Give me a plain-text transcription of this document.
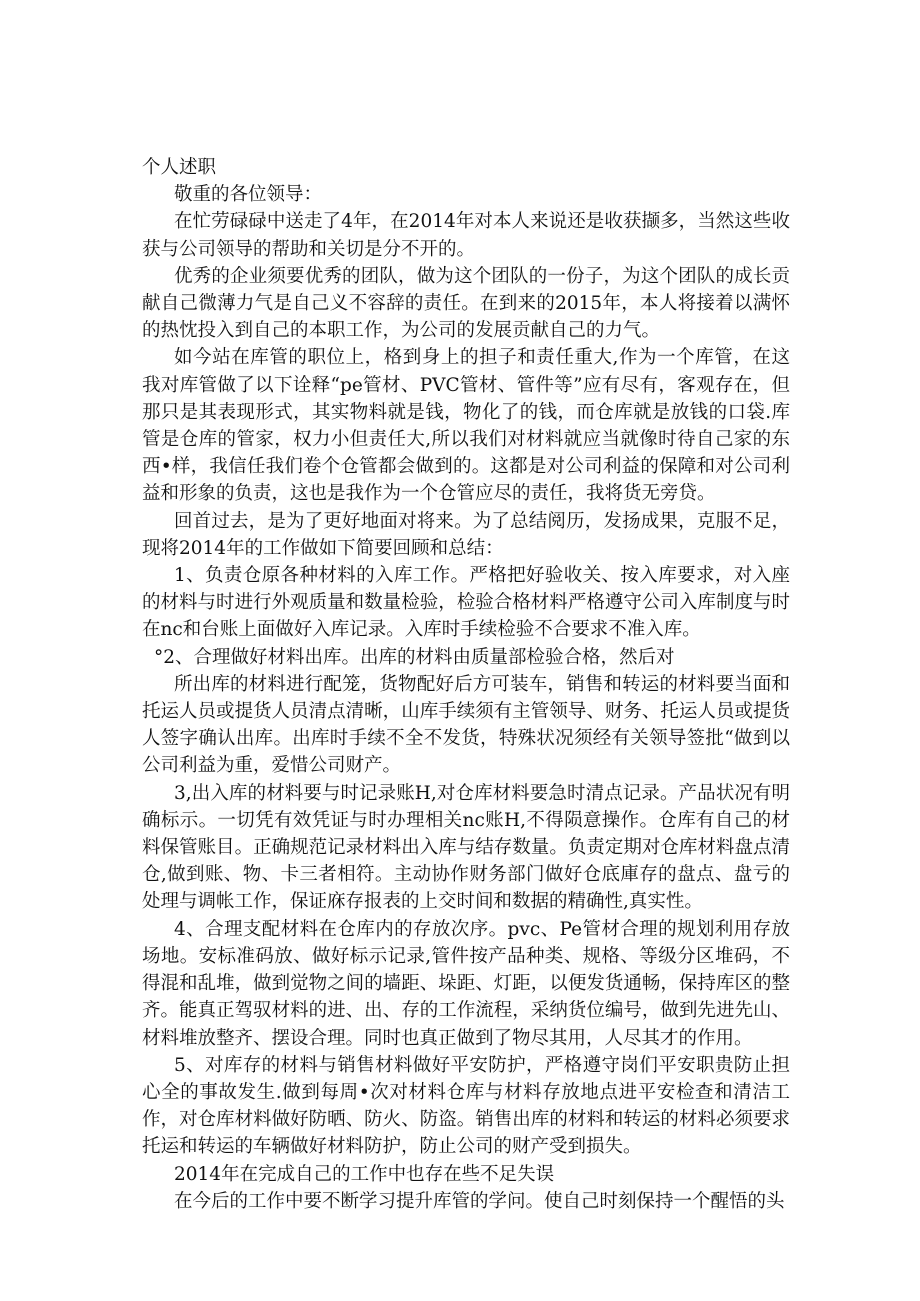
个人述职

敬重的各位领导：

在忙劳碌碌中送走了4年，在2014年对本人来说还是收获撷多，当然这些收获与公司领导的帮助和关切是分不开的。

优秀的企业须要优秀的团队，做为这个团队的一份子，为这个团队的成长贡献自己微薄力气是自己义不容辞的责任。在到来的2015年，本人将接着以满怀的热忱投入到自己的本职工作，为公司的发展贡献自己的力气。

如今站在库管的职位上，格到身上的担子和责任重大,作为一个库管，在这我对库管做了以下诠释“pe管材、PVC管材、管件等”应有尽有，客观存在，但那只是其表现形式，其实物料就是钱，物化了的钱，而仓库就是放钱的口袋.库管是仓库的管家，权力小但责任大,所以我们对材料就应当就像时待自己家的东西•样，我信任我们卷个仓管都会做到的。这都是对公司利益的保障和对公司利益和形象的负责，这也是我作为一个仓管应尽的责任，我将货无旁贷。

回首过去，是为了更好地面对将来。为了总结阅历，发扬成果，克服不足，现将2014年的工作做如下简要回顾和总结：

1、负责仓原各种材料的入库工作。严格把好验收关、按入库要求，对入座的材料与时进行外观质量和数量检验，检验合格材料严格遵守公司入库制度与时在nc和台账上面做好入库记录。入库时手续检验不合要求不准入库。

°2、合理做好材料出库。出库的材料由质量部检验合格，然后对

所出库的材料进行配笼，货物配好后方可装车，销售和转运的材料要当面和托运人员或提货人员清点清晰，山库手续须有主管领导、财务、托运人员或提货人签字确认出库。出库时手续不全不发货，特殊状况须经有关领导签批“做到以公司利益为重，爱惜公司财产。

3,出入库的材料要与时记录账H,对仓库材料要急时清点记录。产品状况有明确标示。一切凭有效凭证与时办理相关nc账H,不得陨意操作。仓库有自己的材料保管账目。正确规范记录材料出入库与结存数量。负责定期对仓库材料盘点清仓,做到账、物、卡三者相符。主动协作财务部门做好仓底庫存的盘点、盘亏的处理与调帐工作，保证庥存报表的上交时间和数据的精确性,真实性。

4、合理支配材料在仓库内的存放次序。pvc、Pe管材合理的规划利用存放场地。安标准码放、做好标示记录,管件按产品种类、规格、等级分区堆码，不得混和乱堆，做到觉物之间的墙距、垛距、灯距，以便发货通畅，保持库区的整齐。能真正驾驭材料的进、出、存的工作流程，采纳货位编号，做到先进先山、材料堆放整齐、摆设合理。同时也真正做到了物尽其用，人尽其才的作用。

5、对库存的材料与销售材料做好平安防护，严格遵守岗们平安职贵防止担心全的事故发生.做到每周•次对材料仓库与材料存放地点进平安检查和清洁工作，对仓库材料做好防晒、防火、防盗。销售出库的材料和转运的材料必须要求托运和转运的车辆做好材料防护，防止公司的财产受到损失。

2014年在完成自己的工作中也存在些不足失误

在今后的工作中要不断学习提升库管的学问。使自己时刻保持一个醒悟的头
